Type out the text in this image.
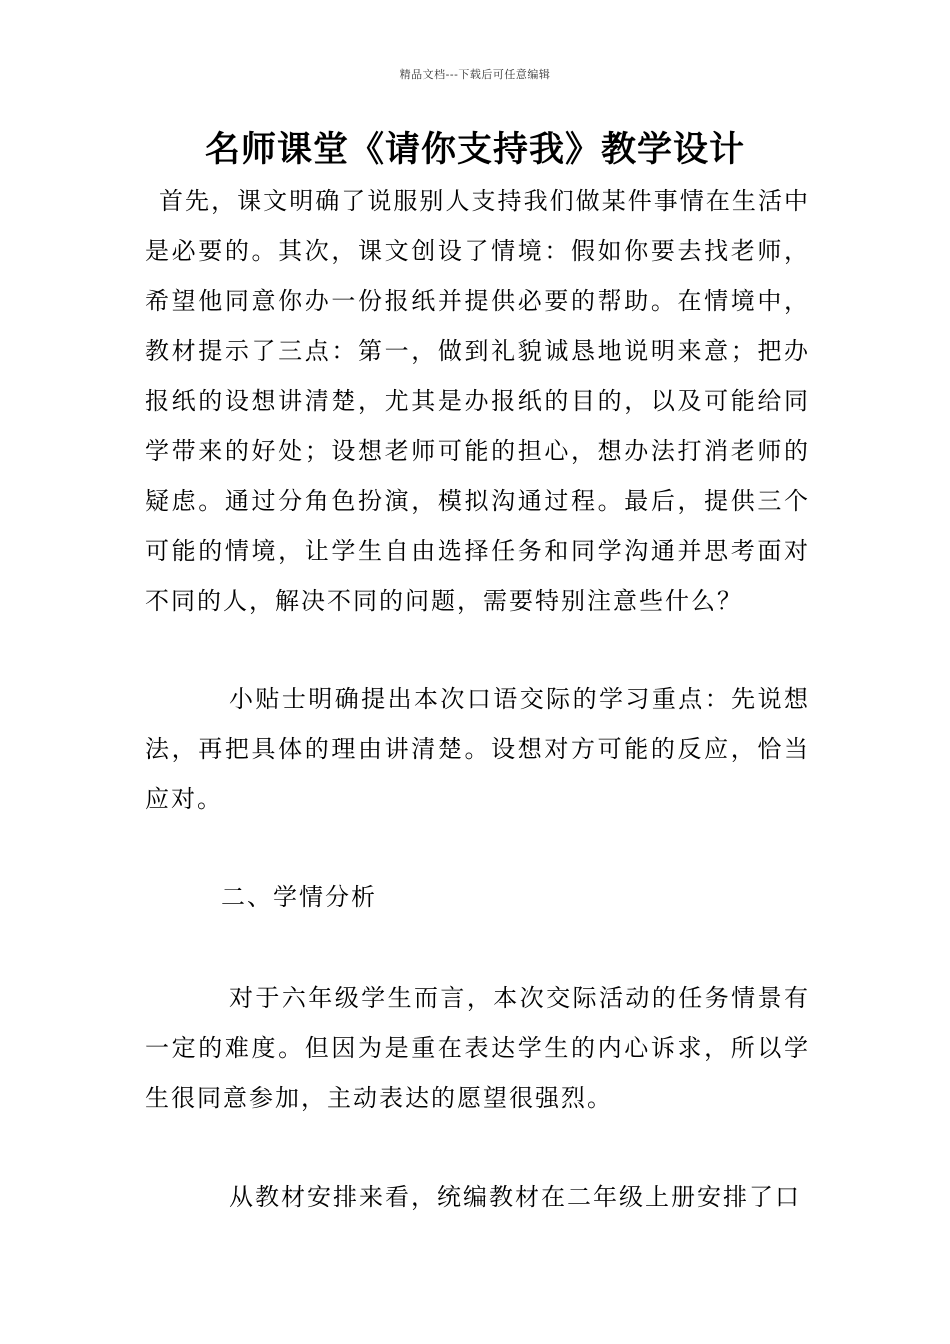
精品文档---下载后可任意编辑
名师课堂《请你支持我》教学设计

首先，课文明确了说服别人支持我们做某件事情在生活中是必要的。其次，课文创设了情境：假如你要去找老师，希望他同意你办一份报纸并提供必要的帮助。在情境中，教材提示了三点：第一，做到礼貌诚恳地说明来意；把办报纸的设想讲清楚，尤其是办报纸的目的，以及可能给同学带来的好处；设想老师可能的担心，想办法打消老师的疑虑。通过分角色扮演，模拟沟通过程。最后，提供三个可能的情境，让学生自由选择任务和同学沟通并思考面对不同的人，解决不同的问题，需要特别注意些什么？

小贴士明确提出本次口语交际的学习重点：先说想法，再把具体的理由讲清楚。设想对方可能的反应，恰当应对。

二、学情分析

对于六年级学生而言，本次交际活动的任务情景有一定的难度。但因为是重在表达学生的内心诉求，所以学生很同意参加，主动表达的愿望很强烈。

从教材安排来看，统编教材在二年级上册安排了口
